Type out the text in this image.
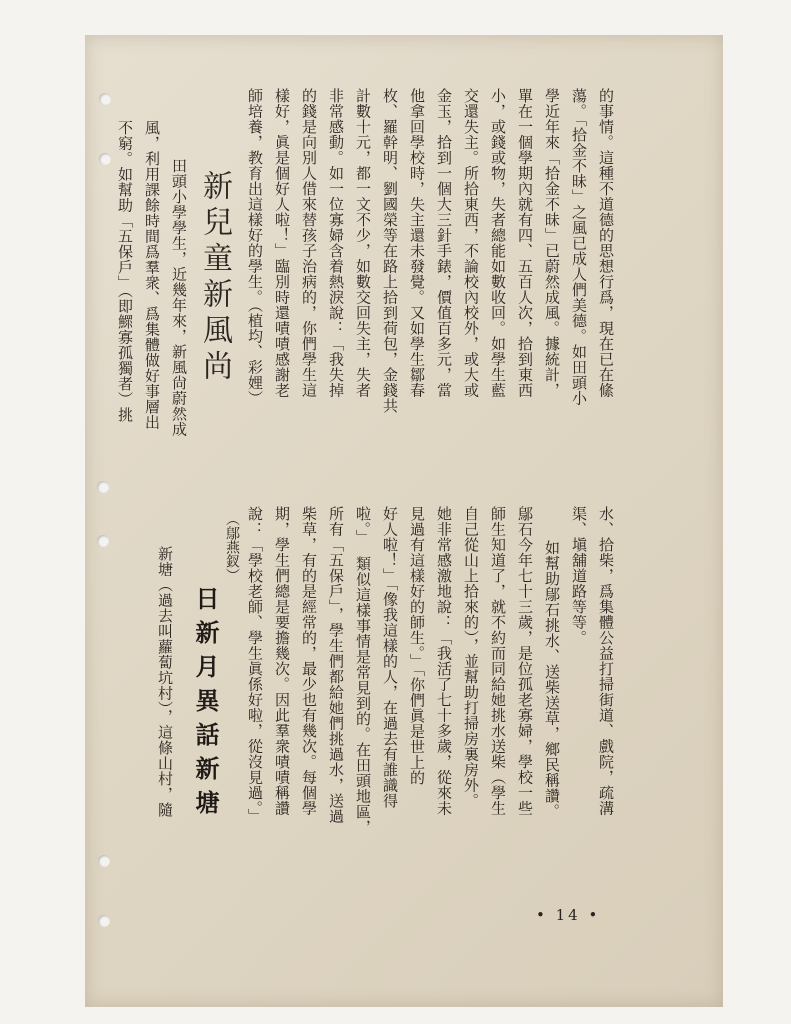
的事情。這種不道德的思想行爲，現在已在絛
蕩。「拾金不昧」之風已成人們美德。如田頭小
學近年來「拾金不昧」已蔚然成風。據統計，
單在一個學期內就有四、五百人次，拾到東西
小，或錢或物，失者總能如數收回。如學生藍
交還失主。所拾東西，不論校內校外，或大或
金玉，拾到一個大三針手錶，價值百多元，當
他拿回學校時，失主還未發覺。又如學生鄒春
枚、羅幹明、劉國榮等在路上拾到荷包，金錢共
計數十元，都一文不少，如數交回失主，失者
非常感動。如一位寡婦含着熱淚說：「我失掉
的錢是向別人借來替孩子治病的，你們學生這
樣好，眞是個好人啦！」臨別時還嘖嘖感謝老
師培養，教育出這樣好的學生。（植均、彩娌）
新兒童新風尚
田頭小學學生，近幾年來，新風尙蔚然成
風，利用課餘時間爲羣衆、爲集體做好事層出
不窮。如幫助「五保戶」（即鰥寡孤獨者）挑
水、拾柴，爲集體公益打掃街道、戲院，疏溝
渠、塡舖道路等等。
如幫助鄔石挑水、送柴送草，鄉民稱讚。
鄔石今年七十三歲，是位孤老寡婦，學校一些
師生知道了，就不約而同給她挑水送柴（學生
自己從山上拾來的），並幫助打掃房裏房外。
她非常感激地說：「我活了七十多歲，從來未
見過有這樣好的師生。」「你們眞是世上的
好人啦！」「像我這樣的人，在過去有誰識得
啦。」
類似這樣事情是常見到的。在田頭地區，
所有「五保戶」，學生們都給她們挑過水，送過
柴草，有的是經常的，最少也有幾次。每個學
期，學生們總是要擔幾次。因此羣衆嘖嘖稱讚
說：「學校老師、學生眞係好啦，從沒見過。」
（鄔燕釵）
日新月異話新塘
新塘（過去叫蘿蔔坑村），這條山村，隨
• 14 •
